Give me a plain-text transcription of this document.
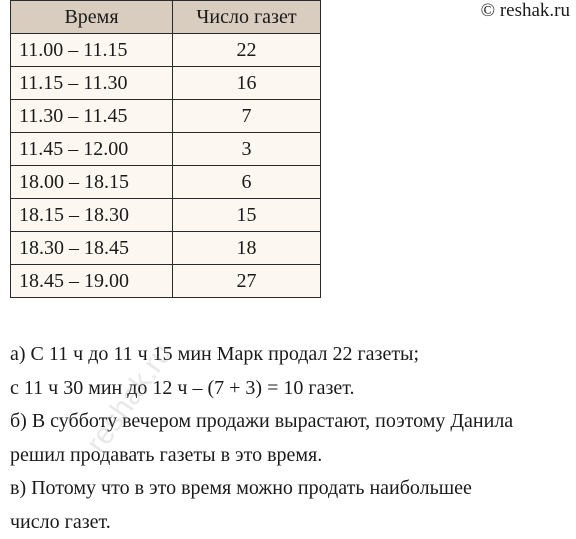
© reshak.ru
Время	Число газет
11.00 – 11.15	22
11.15 – 11.30	16
11.30 – 11.45	7
11.45 – 12.00	3
18.00 – 18.15	6
18.15 – 18.30	15
18.30 – 18.45	18
18.45 – 19.00	27

а) С 11 ч до 11 ч 15 мин Марк продал 22 газеты;

с 11 ч 30 мин до 12 ч – (7 + 3) = 10 газет.

б) В субботу вечером продажи вырастают, поэтому Данила

решил продавать газеты в это время.

в) Потому что в это время можно продать наибольшее

число газет.

reshak.ru
